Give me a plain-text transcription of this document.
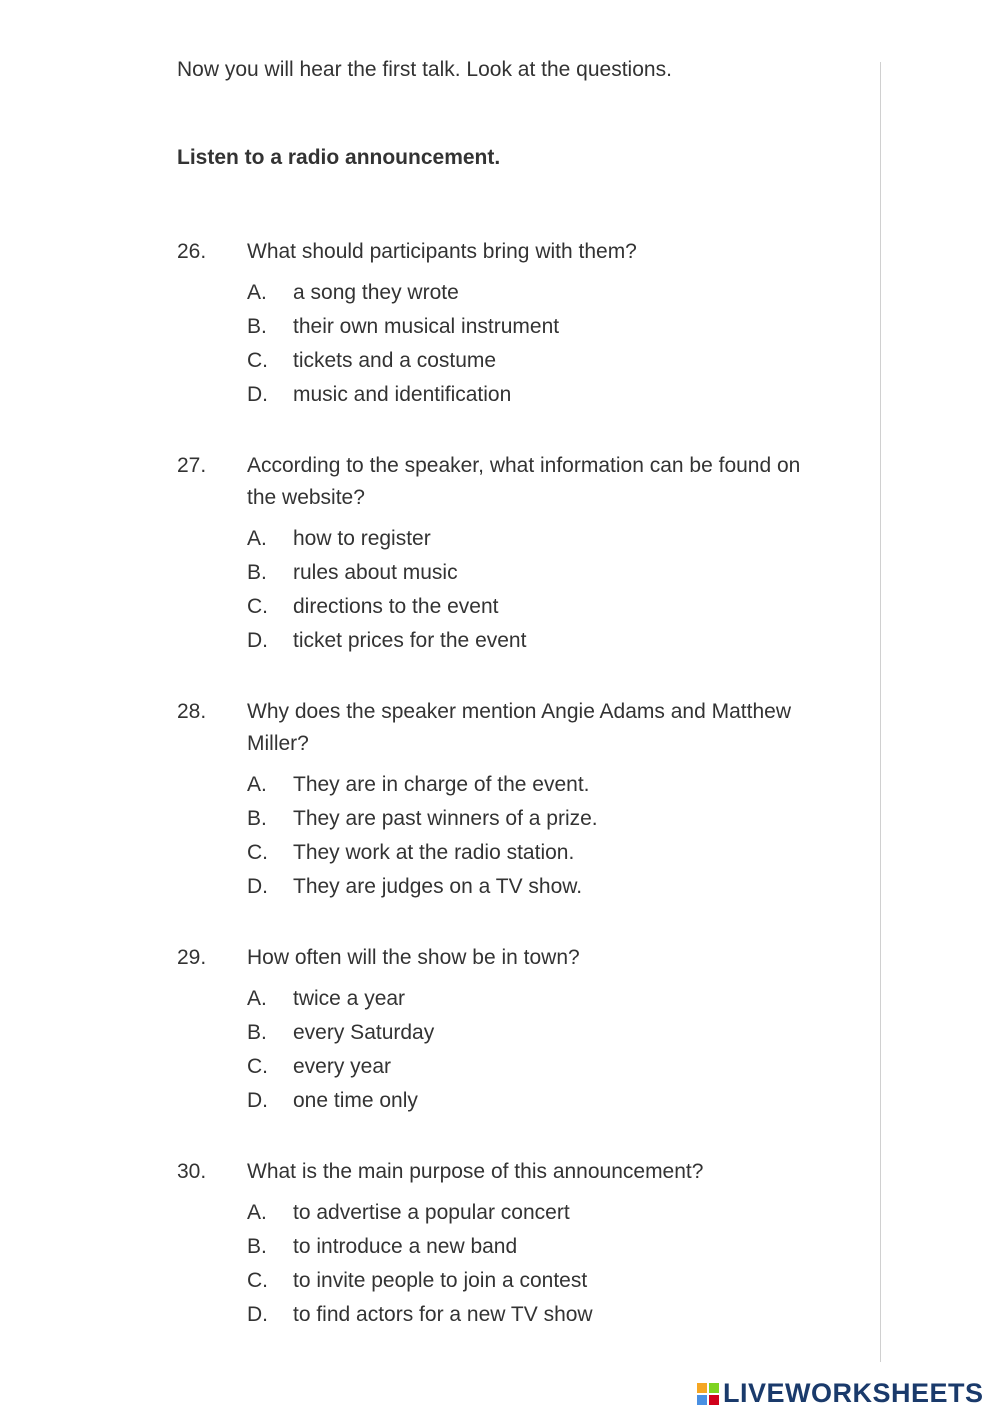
Now you will hear the first talk. Look at the questions.
Listen to a radio announcement.
26.	What should participants bring with them?
A.	a song they wrote
B.	their own musical instrument
C.	tickets and a costume
D.	music and identification
27.	According to the speaker, what information can be found on the website?
A.	how to register
B.	rules about music
C.	directions to the event
D.	ticket prices for the event
28.	Why does the speaker mention Angie Adams and Matthew Miller?
A.	They are in charge of the event.
B.	They are past winners of a prize.
C.	They work at the radio station.
D.	They are judges on a TV show.
29.	How often will the show be in town?
A.	twice a year
B.	every Saturday
C.	every year
D.	one time only
30.	What is the main purpose of this announcement?
A.	to advertise a popular concert
B.	to introduce a new band
C.	to invite people to join a contest
D.	to find actors for a new TV show
LIVEWORKSHEETS
